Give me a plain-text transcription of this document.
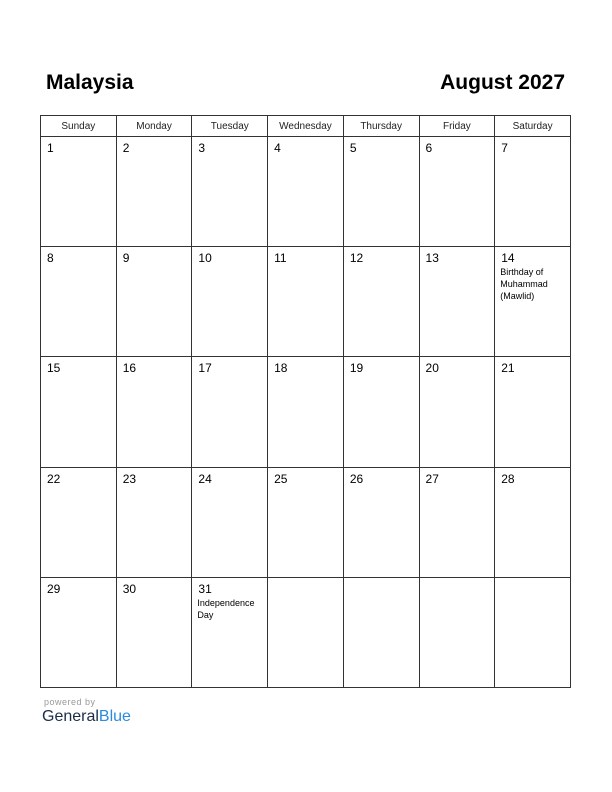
Malaysia	August 2027
Sunday	Monday	Tuesday	Wednesday	Thursday	Friday	Saturday

1	2	3	4	5	6	7

8	9	10	11	12	13	14
Birthday of Muhammad (Mawlid)

15	16	17	18	19	20	21

22	23	24	25	26	27	28

29	30	31
Independence Day				

powered by
GeneralBlue
